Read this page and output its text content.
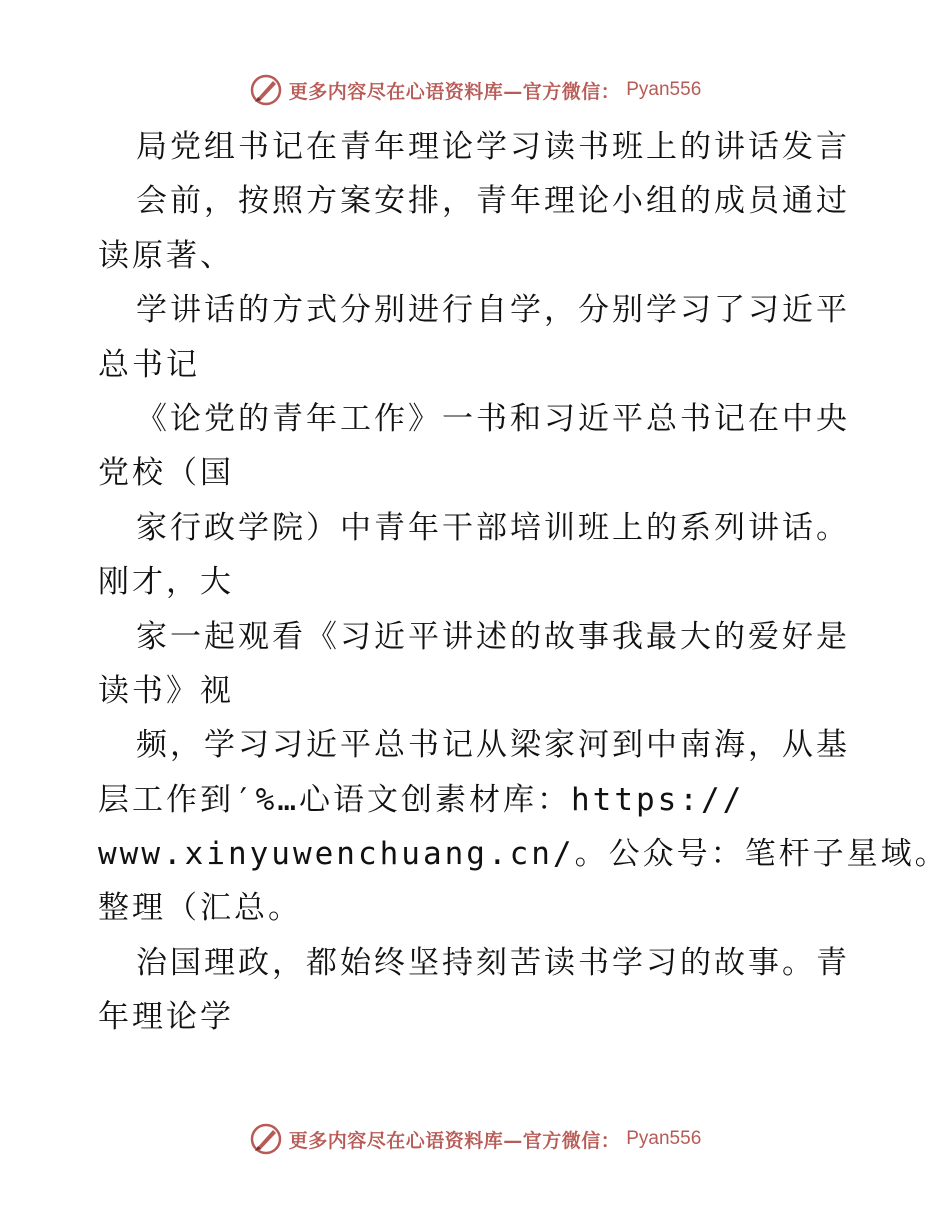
更多内容尽在心语资料库—官方微信： Pyan556
局党组书记在青年理论学习读书班上的讲话发言
会前，按照方案安排，青年理论小组的成员通过
读原著、
学讲话的方式分别进行自学，分别学习了习近平
总书记
《论党的青年工作》一书和习近平总书记在中央
党校（国
家行政学院）中青年干部培训班上的系列讲话。
刚才，大
家一起观看《习近平讲述的故事我最大的爱好是
读书》视
频，学习习近平总书记从梁家河到中南海，从基
层工作到′%…心语文创素材库：https://
www.xinyuwenchuang.cn/。公众号：笔杆子星域。
整理（汇总。
治国理政，都始终坚持刻苦读书学习的故事。青
年理论学
更多内容尽在心语资料库—官方微信： Pyan556
